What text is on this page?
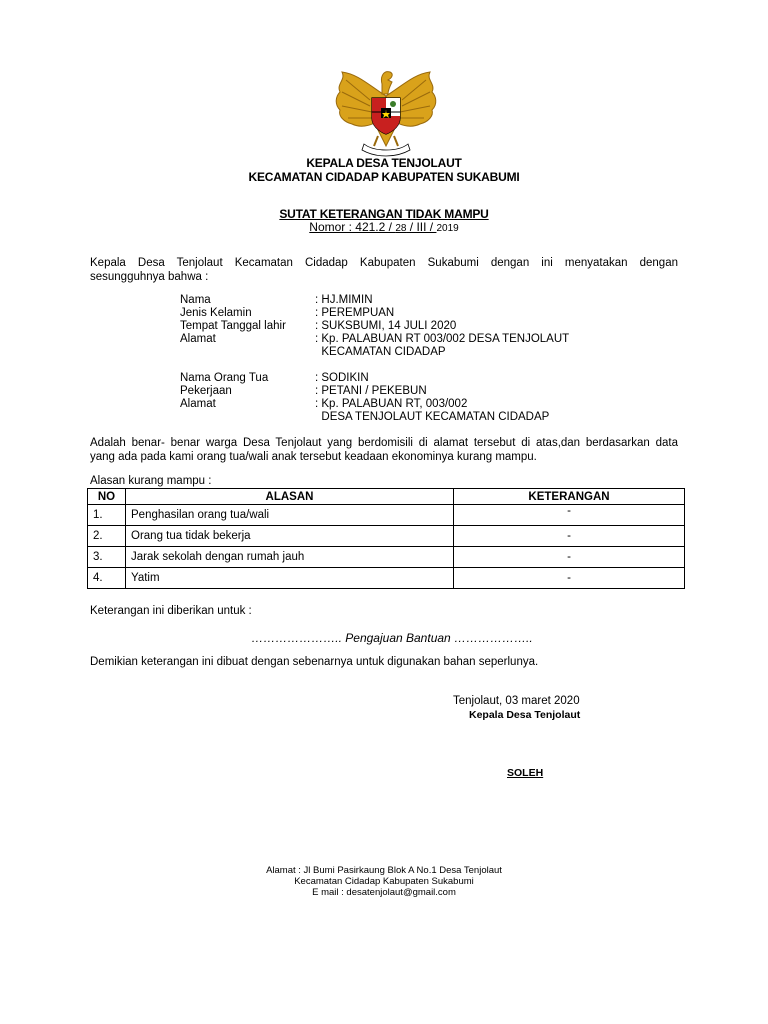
KEPALA DESA TENJOLAUT
KECAMATAN CIDADAP KABUPATEN SUKABUMI
SUTAT KETERANGAN TIDAK MAMPU
Nomor : 421.2 / 28 / III / 2019
Kepala Desa Tenjolaut Kecamatan Cidadap Kabupaten Sukabumi dengan ini menyatakan dengan
sesungguhnya bahwa :
Nama	: HJ.MIMIN
Jenis Kelamin	: PEREMPUAN
Tempat Tanggal lahir	: SUKSBUMI, 14 JULI 2020
Alamat	: Kp. PALABUAN RT 003/002 DESA TENJOLAUT
KECAMATAN CIDADAP
Nama Orang Tua	: SODIKIN
Pekerjaan	: PETANI / PEKEBUN
Alamat	: Kp. PALABUAN RT, 003/002
DESA TENJOLAUT KECAMATAN CIDADAP
Adalah benar- benar warga Desa Tenjolaut yang berdomisili di alamat tersebut di atas,dan berdasarkan data
yang ada pada kami orang tua/wali anak tersebut keadaan ekonominya kurang mampu.
Alasan kurang mampu :
NO	ALASAN	KETERANGAN
1.	Penghasilan orang tua/wali	-
2.	Orang tua tidak bekerja	-
3.	Jarak sekolah dengan rumah jauh	-
4.	Yatim	-
Keterangan ini diberikan untuk :
………………….. Pengajuan Bantuan ………………..
Demikian keterangan ini dibuat dengan sebenarnya untuk digunakan bahan seperlunya.
Tenjolaut, 03 maret 2020
Kepala Desa Tenjolaut
SOLEH
Alamat : Jl Bumi Pasirkaung Blok A No.1 Desa Tenjolaut
Kecamatan Cidadap Kabupaten Sukabumi
E mail : desatenjolaut@gmail.com
